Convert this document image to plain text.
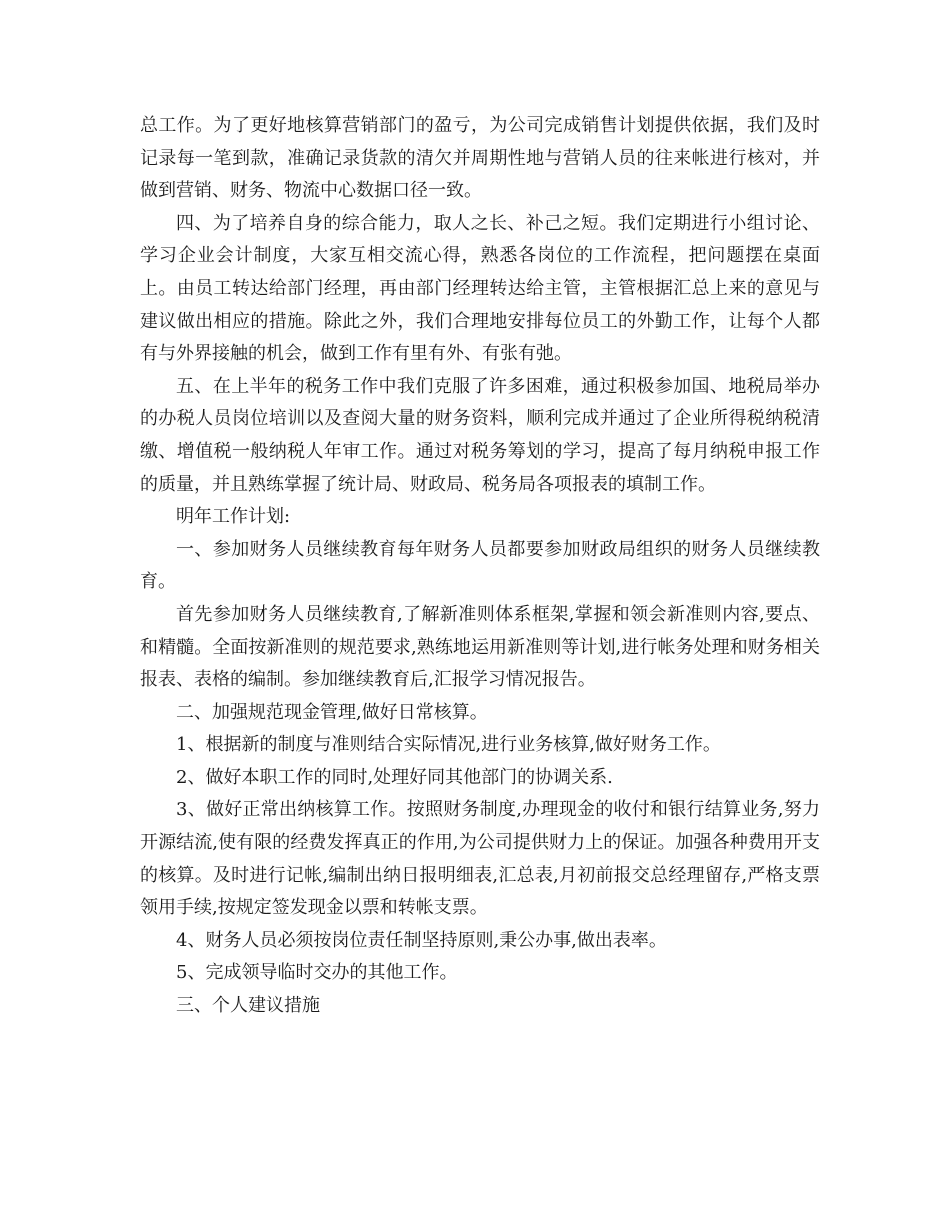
总工作。为了更好地核算营销部门的盈亏，为公司完成销售计划提供依据，我们及时记录每一笔到款，准确记录货款的清欠并周期性地与营销人员的往来帐进行核对，并做到营销、财务、物流中心数据口径一致。

四、为了培养自身的综合能力，取人之长、补己之短。我们定期进行小组讨论、学习企业会计制度，大家互相交流心得，熟悉各岗位的工作流程，把问题摆在桌面上。由员工转达给部门经理，再由部门经理转达给主管，主管根据汇总上来的意见与建议做出相应的措施。除此之外，我们合理地安排每位员工的外勤工作，让每个人都有与外界接触的机会，做到工作有里有外、有张有弛。

五、在上半年的税务工作中我们克服了许多困难，通过积极参加国、地税局举办的办税人员岗位培训以及查阅大量的财务资料，顺利完成并通过了企业所得税纳税清缴、增值税一般纳税人年审工作。通过对税务筹划的学习，提高了每月纳税申报工作的质量，并且熟练掌握了统计局、财政局、税务局各项报表的填制工作。

明年工作计划:

一、参加财务人员继续教育每年财务人员都要参加财政局组织的财务人员继续教育。

首先参加财务人员继续教育,了解新准则体系框架,掌握和领会新准则内容,要点、和精髓。全面按新准则的规范要求,熟练地运用新准则等计划,进行帐务处理和财务相关报表、表格的编制。参加继续教育后,汇报学习情况报告。

二、加强规范现金管理,做好日常核算。

1、根据新的制度与准则结合实际情况,进行业务核算,做好财务工作。

2、做好本职工作的同时,处理好同其他部门的协调关系.

3、做好正常出纳核算工作。按照财务制度,办理现金的收付和银行结算业务,努力开源结流,使有限的经费发挥真正的作用,为公司提供财力上的保证。加强各种费用开支的核算。及时进行记帐,编制出纳日报明细表,汇总表,月初前报交总经理留存,严格支票领用手续,按规定签发现金以票和转帐支票。

4、财务人员必须按岗位责任制坚持原则,秉公办事,做出表率。

5、完成领导临时交办的其他工作。

三、个人建议措施
